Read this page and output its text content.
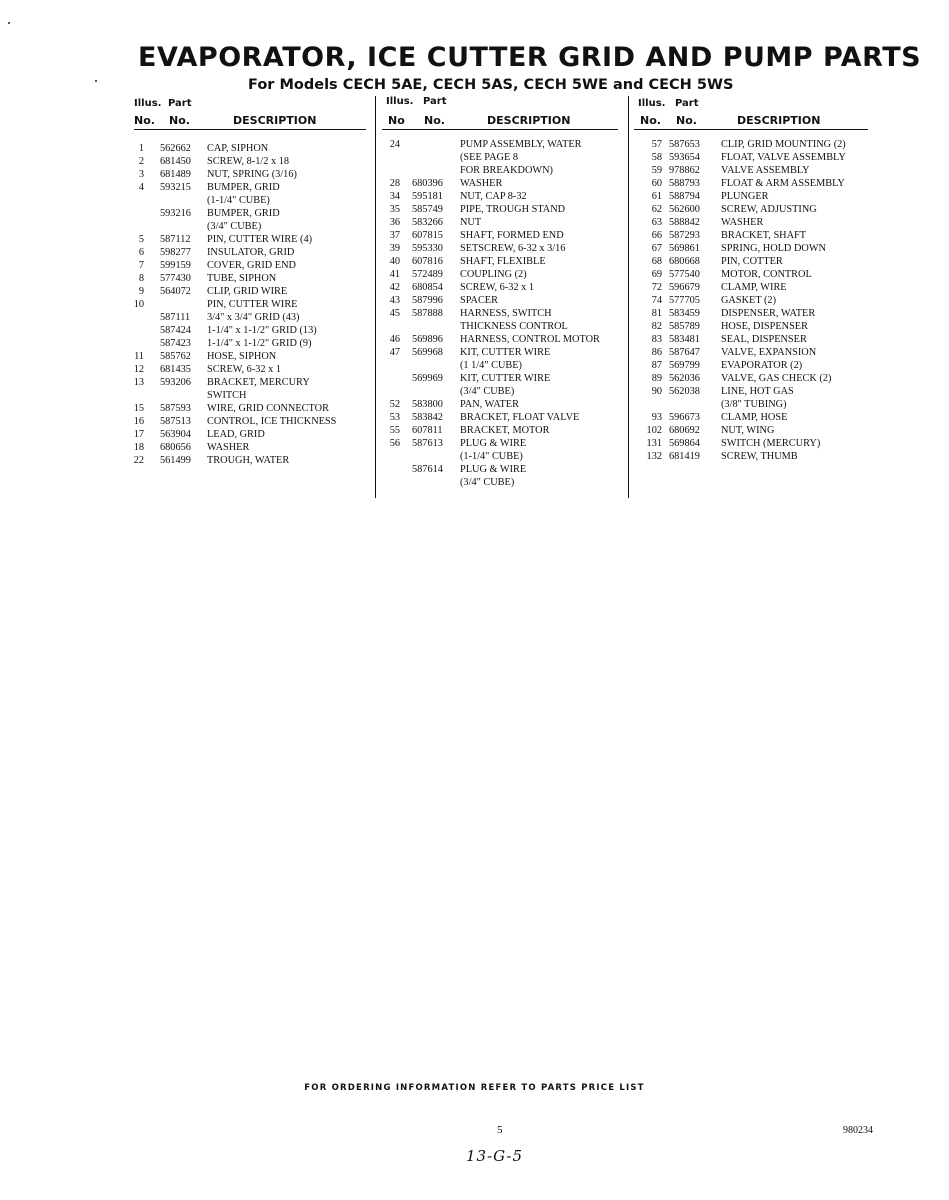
EVAPORATOR, ICE CUTTER GRID AND PUMP PARTS
For Models CECH 5AE, CECH 5AS, CECH 5WE and CECH 5WS
Illus. Part
No. No.	DESCRIPTION
1 562662 CAP, SIPHON
2 681450 SCREW, 8-1/2 x 18
3 681489 NUT, SPRING (3/16)
4 593215 BUMPER, GRID
(1-1/4" CUBE)
593216 BUMPER, GRID
(3/4" CUBE)
5 587112 PIN, CUTTER WIRE (4)
6 598277 INSULATOR, GRID
7 599159 COVER, GRID END
8 577430 TUBE, SIPHON
9 564072 CLIP, GRID WIRE
10	PIN, CUTTER WIRE
587111 3/4" x 3/4" GRID (43)
587424 1-1/4" x 1-1/2" GRID (13)
587423 1-1/4" x 1-1/2" GRID (9)
11 585762 HOSE, SIPHON
12 681435 SCREW, 6-32 x 1
13 593206 BRACKET, MERCURY
SWITCH
15 587593 WIRE, GRID CONNECTOR
16 587513 CONTROL, ICE THICKNESS
17 563904 LEAD, GRID
18 680656 WASHER
22 561499 TROUGH, WATER
Illus. Part
No No.	DESCRIPTION
24	PUMP ASSEMBLY, WATER
(SEE PAGE 8
FOR BREAKDOWN)
28 680396 WASHER
34 595181 NUT, CAP 8-32
35 585749 PIPE, TROUGH STAND
36 583266 NUT
37 607815 SHAFT, FORMED END
39 595330 SETSCREW, 6-32 x 3/16
40 607816 SHAFT, FLEXIBLE
41 572489 COUPLING (2)
42 680854 SCREW, 6-32 x 1
43 587996 SPACER
45 587888 HARNESS, SWITCH
THICKNESS CONTROL
46 569896 HARNESS, CONTROL MOTOR
47 569968 KIT, CUTTER WIRE
(1 1/4" CUBE)
569969 KIT, CUTTER WIRE
(3/4" CUBE)
52 583800 PAN, WATER
53 583842 BRACKET, FLOAT VALVE
55 607811 BRACKET, MOTOR
56 587613 PLUG & WIRE
(1-1/4" CUBE)
587614 PLUG & WIRE
(3/4" CUBE)
Illus. Part
No. No.	DESCRIPTION
57 587653 CLIP, GRID MOUNTING (2)
58 593654 FLOAT, VALVE ASSEMBLY
59 978862 VALVE ASSEMBLY
60 588793 FLOAT & ARM ASSEMBLY
61 588794 PLUNGER
62 562600 SCREW, ADJUSTING
63 588842 WASHER
66 587293 BRACKET, SHAFT
67 569861 SPRING, HOLD DOWN
68 680668 PIN, COTTER
69 577540 MOTOR, CONTROL
72 596679 CLAMP, WIRE
74 577705 GASKET (2)
81 583459 DISPENSER, WATER
82 585789 HOSE, DISPENSER
83 583481 SEAL, DISPENSER
86 587647 VALVE, EXPANSION
87 569799 EVAPORATOR (2)
89 562036 VALVE, GAS CHECK (2)
90 562038 LINE, HOT GAS
(3/8" TUBING)
93 596673 CLAMP, HOSE
102 680692 NUT, WING
131 569864 SWITCH (MERCURY)
132 681419 SCREW, THUMB

FOR ORDERING INFORMATION REFER TO PARTS PRICE LIST

5	980234

13-G-5
